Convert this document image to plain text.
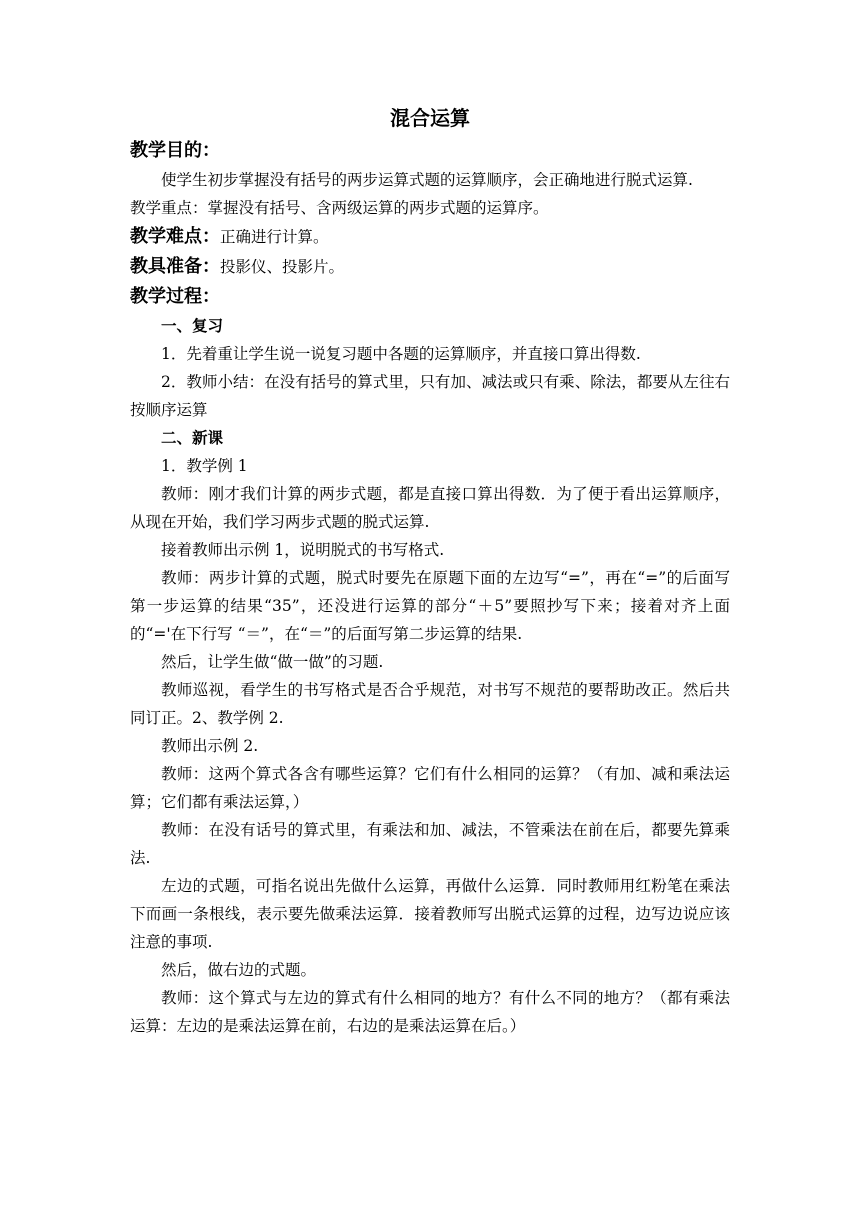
混合运算
教学目的：

使学生初步掌握没有括号的两步运算式题的运算顺序，会正确地进行脱式运算.

教学重点：掌握没有括号、含两级运算的两步式题的运算序。

教学难点：正确进行计算。
教具准备：投影仪、投影片。
教学过程：
一、复习

1．先着重让学生说一说复习题中各题的运算顺序，并直接口算出得数.

2．教师小结：在没有括号的算式里，只有加、减法或只有乘、除法，都要从左往右按顺序运算

二、新课

1．教学例 1

教师：刚才我们计算的两步式题，都是直接口算出得数．为了便于看出运算顺序，从现在开始，我们学习两步式题的脱式运算.

接着教师出示例 1，说明脱式的书写格式.

教师：两步计算的式题，脱式时要先在原题下面的左边写“=”，再在“=”的后面写第一步运算的结果“35”，还没进行运算的部分“＋5”要照抄写下来；接着对齐上面的“='在下行写 “＝”，在“＝”的后面写第二步运算的结果.

然后，让学生做“做一做”的习题.

教师巡视，看学生的书写格式是否合乎规范，对书写不规范的要帮助改正。然后共同订正。2、教学例 2.

教师出示例 2.

教师：这两个算式各含有哪些运算？它们有什么相同的运算？（有加、减和乘法运算；它们都有乘法运算，）

教师：在没有话号的算式里，有乘法和加、减法，不管乘法在前在后，都要先算乘法.

左边的式题，可指名说出先做什么运算，再做什么运算．同时教师用红粉笔在乘法下而画一条根线，表示要先做乘法运算．接着教师写出脱式运算的过程，边写边说应该注意的事项.

然后，做右边的式题。

教师：这个算式与左边的算式有什么相同的地方？有什么不同的地方？（都有乘法运算：左边的是乘法运算在前，右边的是乘法运算在后。）
